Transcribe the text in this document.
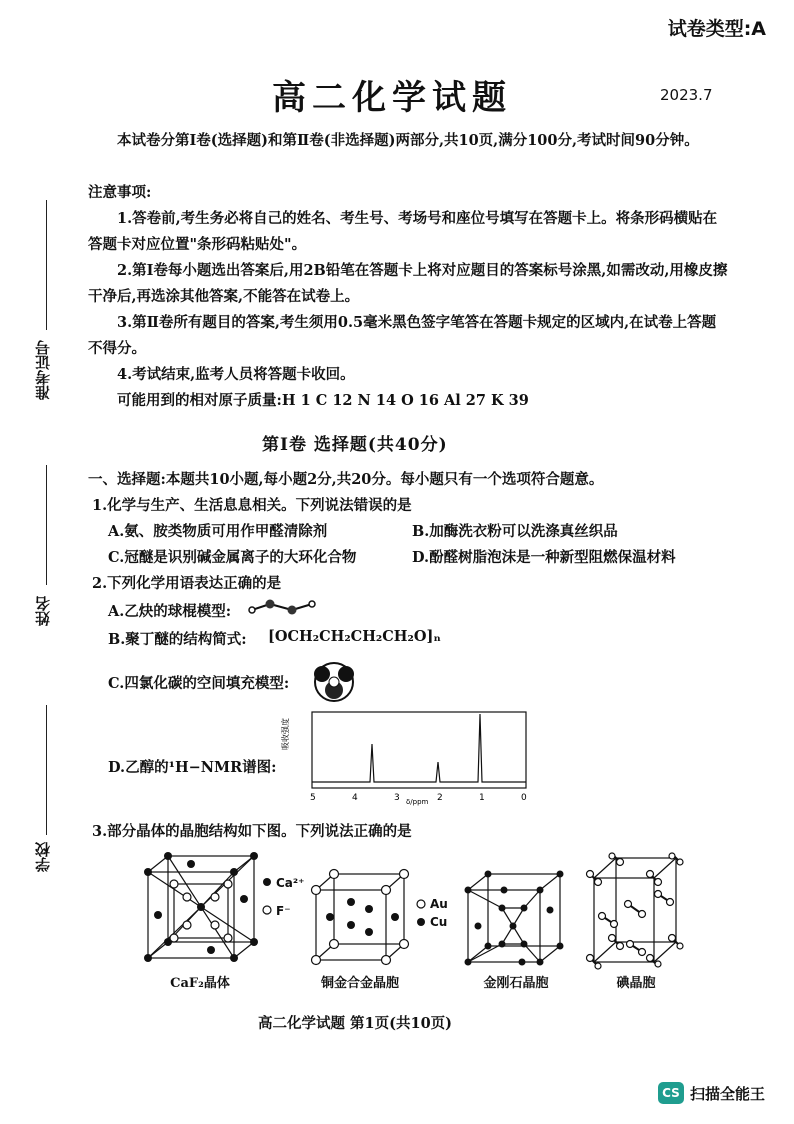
试卷类型:A
高二化学试题	2023.7
本试卷分第Ⅰ卷(选择题)和第Ⅱ卷(非选择题)两部分,共10页,满分100分,考试时间90分钟。
注意事项:
1.答卷前,考生务必将自己的姓名、考生号、考场号和座位号填写在答题卡上。将条形码横贴在答题卡对应位置"条形码粘贴处"。
2.第Ⅰ卷每小题选出答案后,用2B铅笔在答题卡上将对应题目的答案标号涂黑,如需改动,用橡皮擦干净后,再选涂其他答案,不能答在试卷上。
3.第Ⅱ卷所有题目的答案,考生须用0.5毫米黑色签字笔答在答题卡规定的区域内,在试卷上答题不得分。
4.考试结束,监考人员将答题卡收回。
可能用到的相对原子质量:H 1 C 12 N 14 O 16 Al 27 K 39
准考证号
姓名
学校
第Ⅰ卷 选择题(共40分)
一、选择题:本题共10小题,每小题2分,共20分。每小题只有一个选项符合题意。
1.化学与生产、生活息息相关。下列说法错误的是
A.氨、胺类物质可用作甲醛清除剂	B.加酶洗衣粉可以洗涤真丝织品
C.冠醚是识别碱金属离子的大环化合物	D.酚醛树脂泡沫是一种新型阻燃保温材料
2.下列化学用语表达正确的是
A.乙炔的球棍模型:
B.聚丁醚的结构简式: [OCH₂CH₂CH₂CH₂O]ₙ
C.四氯化碳的空间填充模型:
D.乙醇的¹H−NMR谱图:
吸收强度
5	4	3 δ/ppm 2	1	0
3.部分晶体的晶胞结构如下图。下列说法正确的是
Ca²⁺
F⁻
CaF₂晶体
Au
Cu
铜金合金晶胞	金刚石晶胞	碘晶胞
高二化学试题 第1页(共10页)
CS 扫描全能王
